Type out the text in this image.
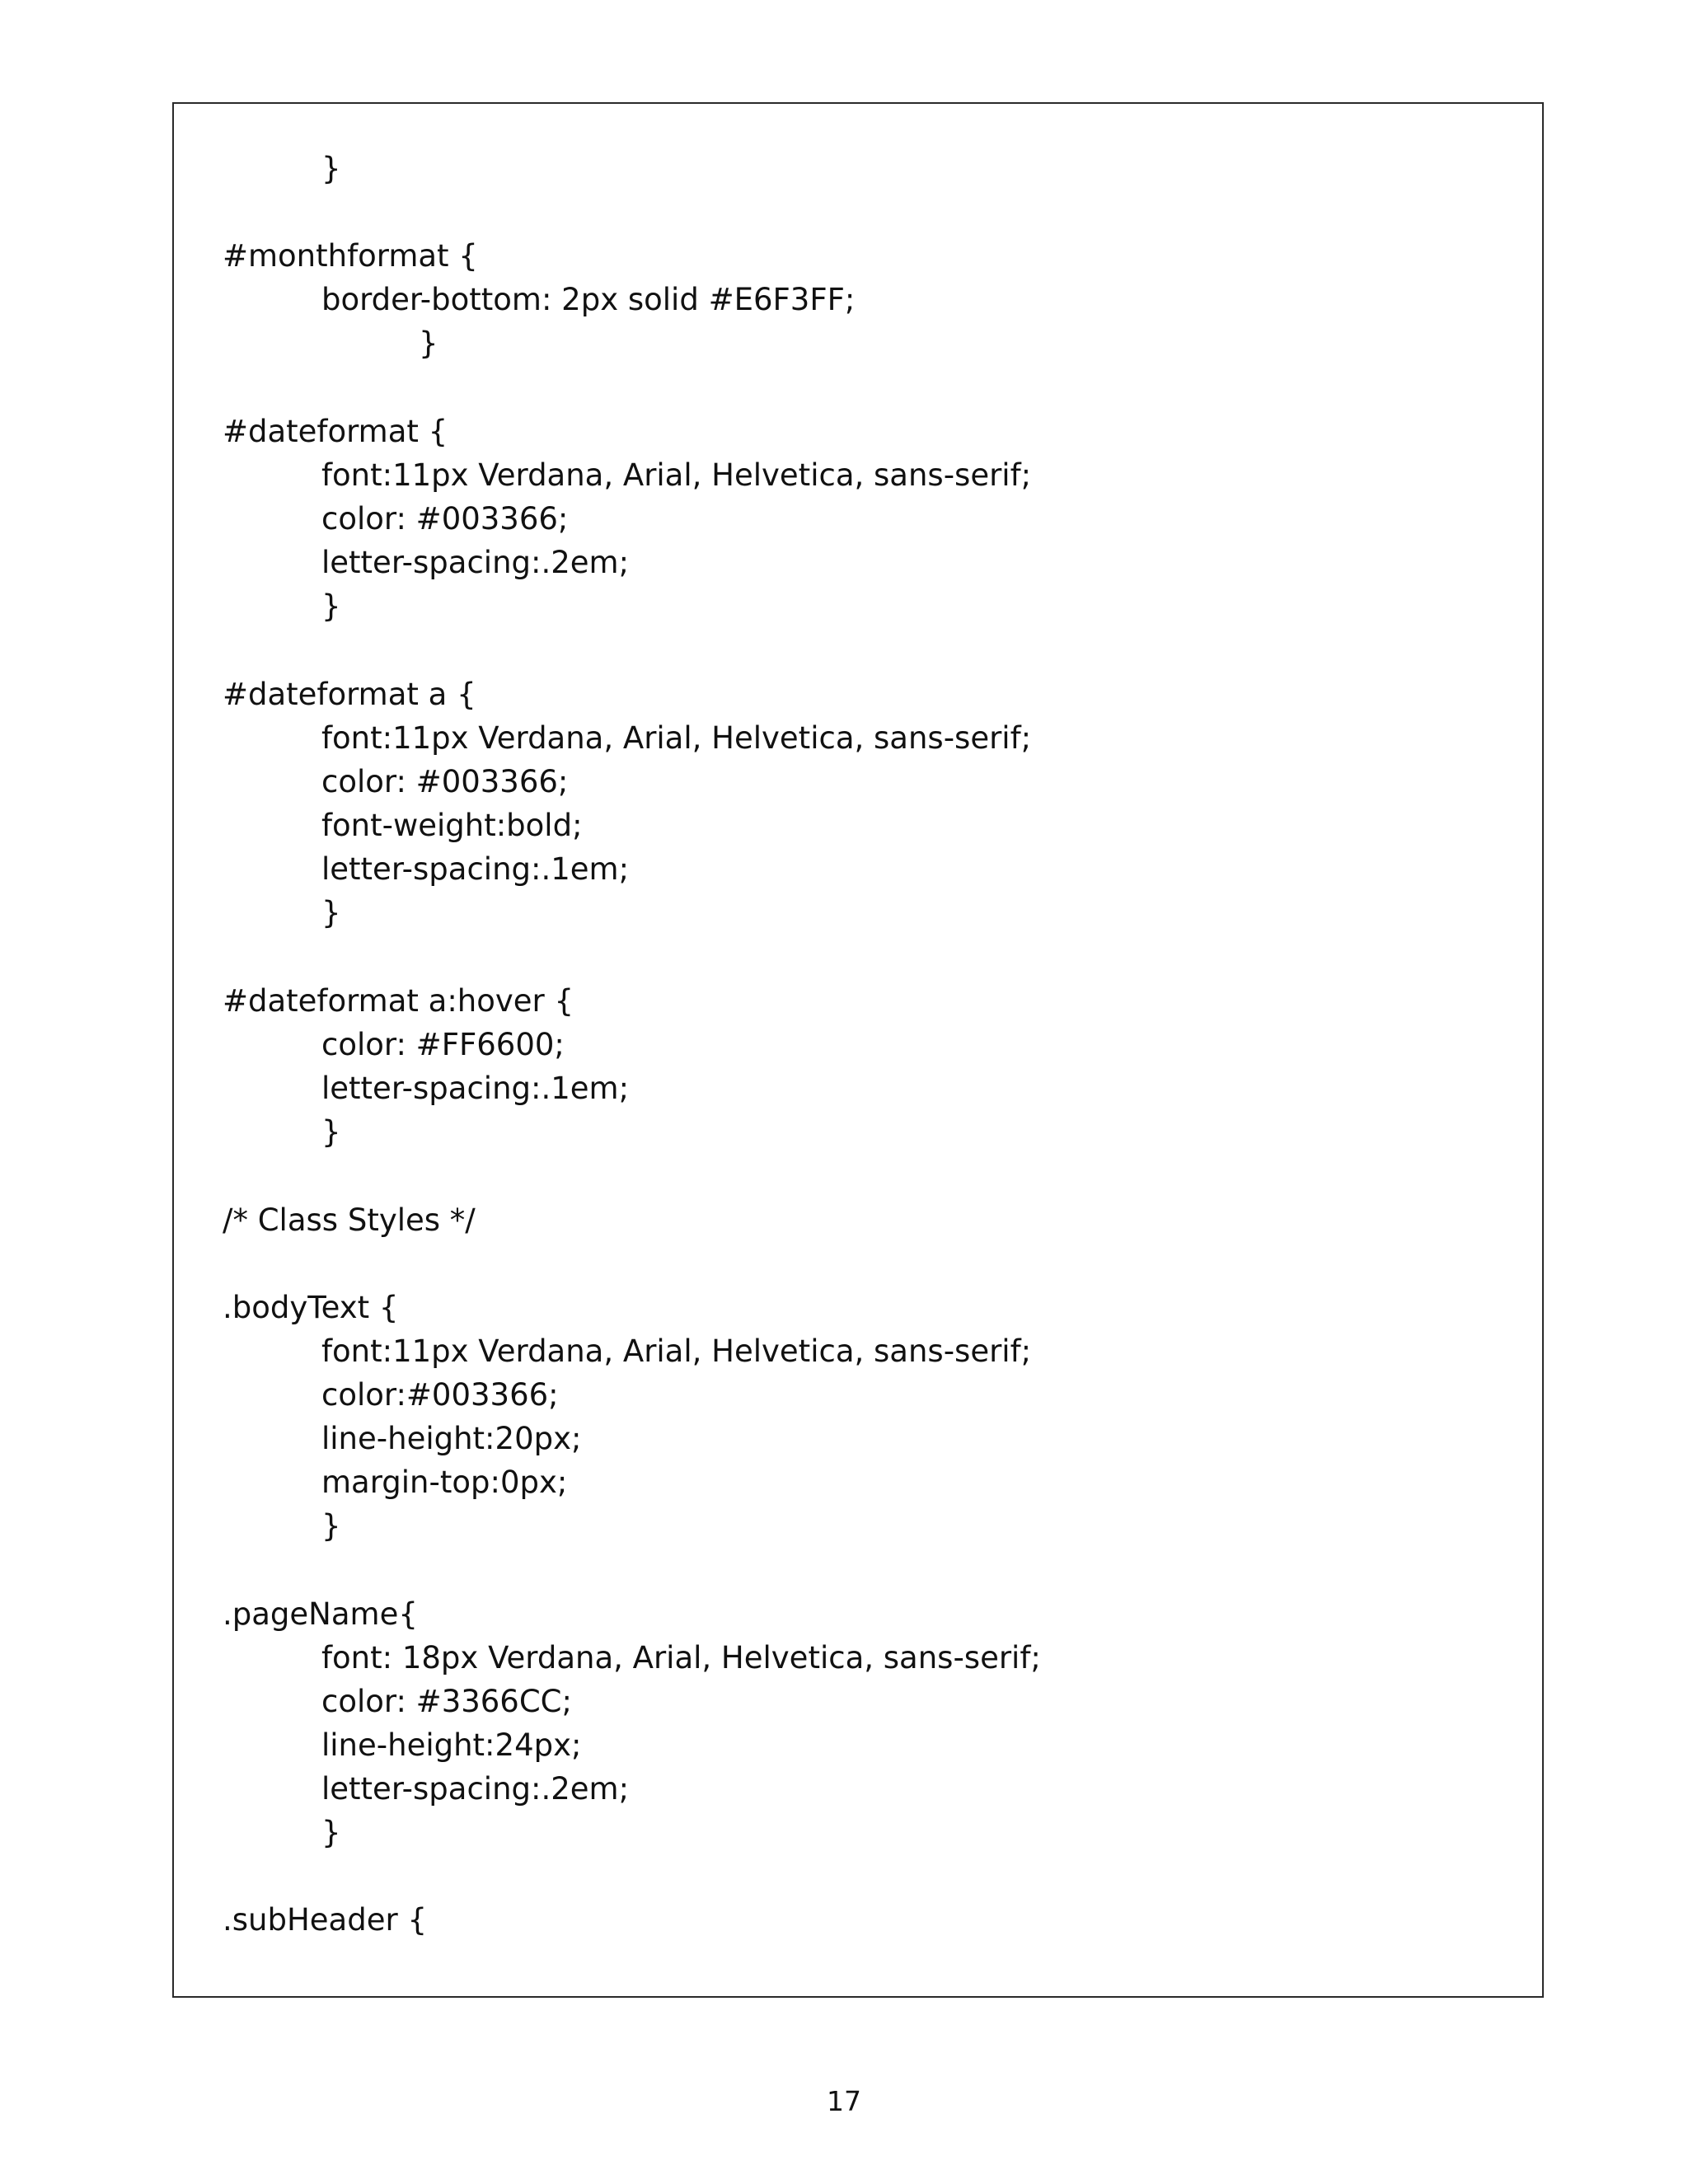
}
#monthformat {
border-bottom: 2px solid #E6F3FF;
}
#dateformat {
font:11px Verdana, Arial, Helvetica, sans-serif;
color: #003366;
letter-spacing:.2em;
}
#dateformat a {
font:11px Verdana, Arial, Helvetica, sans-serif;
color: #003366;
font-weight:bold;
letter-spacing:.1em;
}
#dateformat a:hover {
color: #FF6600;
letter-spacing:.1em;
}
/* Class Styles */
.bodyText {
font:11px Verdana, Arial, Helvetica, sans-serif;
color:#003366;
line-height:20px;
margin-top:0px;
}
.pageName{
font: 18px Verdana, Arial, Helvetica, sans-serif;
color: #3366CC;
line-height:24px;
letter-spacing:.2em;
}
.subHeader {
17
